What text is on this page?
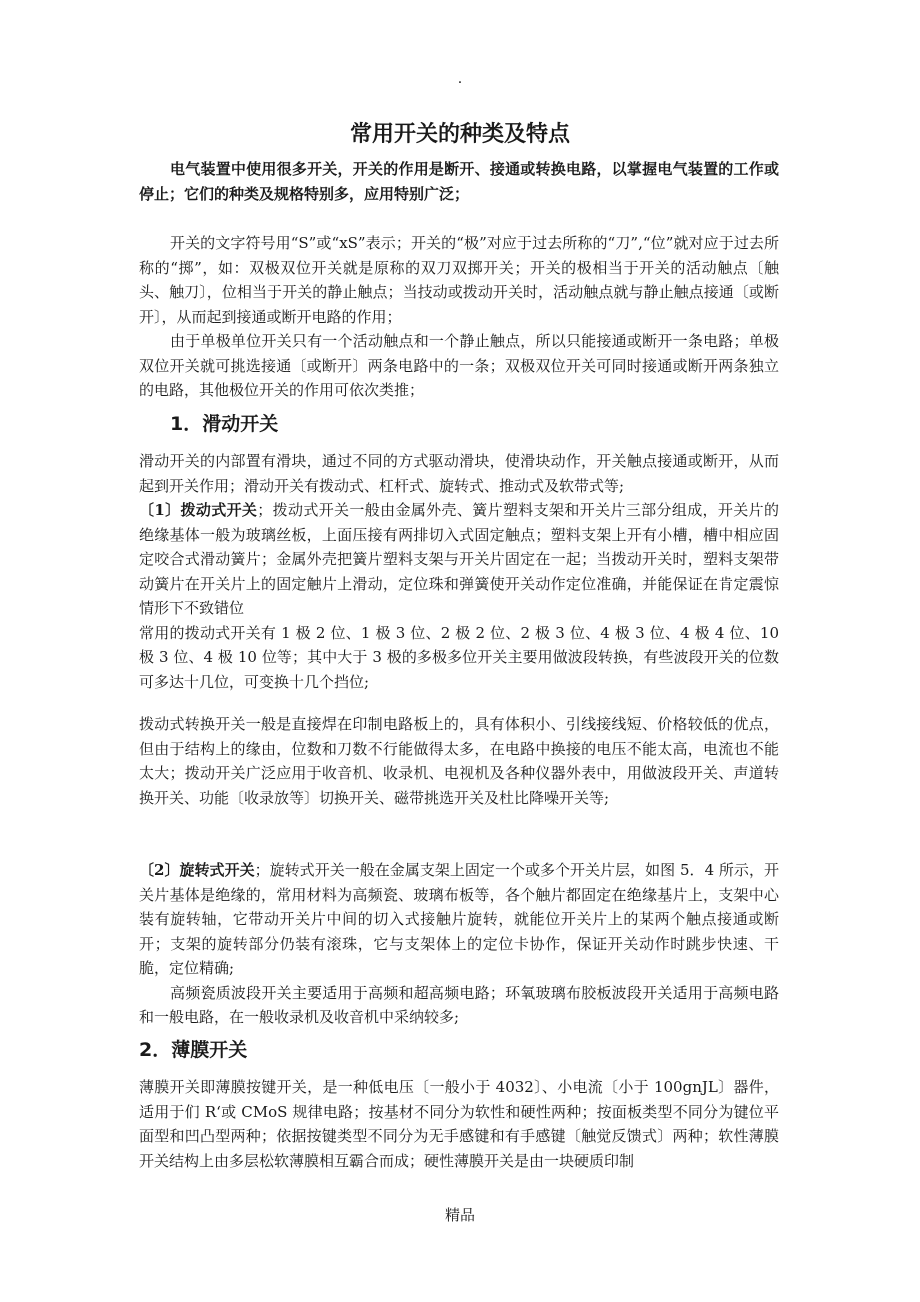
.
常用开关的种类及特点

电气装置中使用很多开关，开关的作用是断开、接通或转换电路，以掌握电气装置的工作或停止；它们的种类及规格特别多，应用特别广泛；

开关的文字符号用“S”或“xS”表示；开关的“极”对应于过去所称的“刀”,“位”就对应于过去所称的“掷”，如：双极双位开关就是原称的双刀双掷开关；开关的极相当于开关的活动触点〔触头、触刀〕，位相当于开关的静止触点；当技动或拨动开关时，活动触点就与静止触点接通〔或断开〕，从而起到接通或断开电路的作用；

由于单极单位开关只有一个活动触点和一个静止触点，所以只能接通或断开一条电路；单极双位开关就可挑选接通〔或断开〕两条电路中的一条；双极双位开关可同时接通或断开两条独立的电路，其他极位开关的作用可依次类推；

1．滑动开关

滑动开关的内部置有滑块，通过不同的方式驱动滑块，使滑块动作，开关触点接通或断开，从而起到开关作用；滑动开关有拨动式、杠杆式、旋转式、推动式及软带式等;

〔1〕拨动式开关；拨动式开关一般由金属外壳、簧片塑料支架和开关片三部分组成，开关片的绝缘基体一般为玻璃丝板，上面压接有两排切入式固定触点；塑料支架上开有小槽，槽中相应固定咬合式滑动簧片；金属外壳把簧片塑料支架与开关片固定在一起；当拨动开关时，塑料支架带动簧片在开关片上的固定触片上滑动，定位珠和弹簧使开关动作定位准确，并能保证在肯定震惊情形下不致错位

常用的拨动式开关有 1 极 2 位、1 极 3 位、2 极 2 位、2 极 3 位、4 极 3 位、4 极 4 位、10 极 3 位、4 极 10 位等；其中大于 3 极的多极多位开关主要用做波段转换，有些波段开关的位数可多达十几位，可变换十几个挡位;

拨动式转换开关一般是直接焊在印制电路板上的，具有体积小、引线接线短、价格较低的优点，但由于结构上的缘由，位数和刀数不行能做得太多，在电路中换接的电压不能太高，电流也不能太大；拨动开关广泛应用于收音机、收录机、电视机及各种仪器外表中，用做波段开关、声道转换开关、功能〔收录放等〕切换开关、磁带挑选开关及杜比降噪开关等;

〔2〕旋转式开关；旋转式开关一般在金属支架上固定一个或多个开关片层，如图 5．4 所示，开关片基体是绝缘的，常用材料为高频瓷、玻璃布板等，各个触片都固定在绝缘基片上，支架中心装有旋转轴，它带动开关片中间的切入式接触片旋转，就能位开关片上的某两个触点接通或断开；支架的旋转部分仍装有滚珠，它与支架体上的定位卡协作，保证开关动作时跳步快速、干脆，定位精确;

高频瓷质波段开关主要适用于高频和超高频电路；环氧玻璃布胶板波段开关适用于高频电路和一般电路，在一般收录机及收音机中采纳较多;

2．薄膜开关

薄膜开关即薄膜按键开关，是一种低电压〔一般小于 4032〕、小电流〔小于 100gnJL〕器件，适用于们 R‘或 CMoS 规律电路；按基材不同分为软性和硬性两种；按面板类型不同分为键位平面型和凹凸型两种；依据按键类型不同分为无手感键和有手感键〔触觉反馈式〕两种；软性薄膜开关结构上由多层松软薄膜相互霸合而成；硬性薄膜开关是由一块硬质印制

精品
